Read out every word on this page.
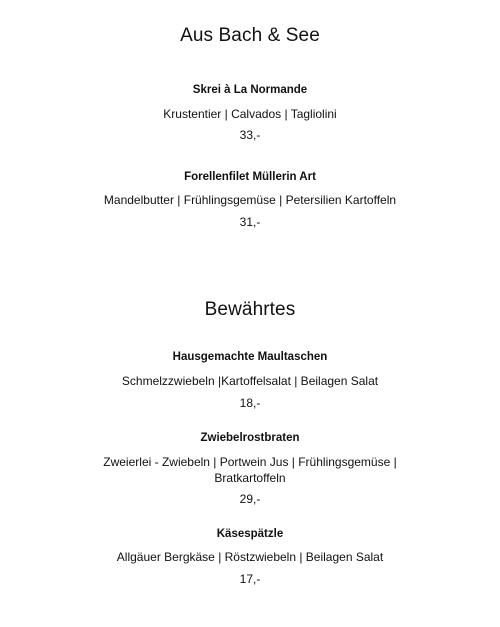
Aus Bach & See
Skrei à La Normande
Krustentier | Calvados | Tagliolini
33,-
Forellenfilet Müllerin Art
Mandelbutter | Frühlingsgemüse | Petersilien Kartoffeln
31,-
Bewährtes
Hausgemachte Maultaschen
Schmelzzwiebeln |Kartoffelsalat | Beilagen Salat
18,-
Zwiebelrostbraten
Zweierlei - Zwiebeln | Portwein Jus | Frühlingsgemüse |
Bratkartoffeln
29,-
Käsespätzle
Allgäuer Bergkäse | Röstzwiebeln | Beilagen Salat
17,-
